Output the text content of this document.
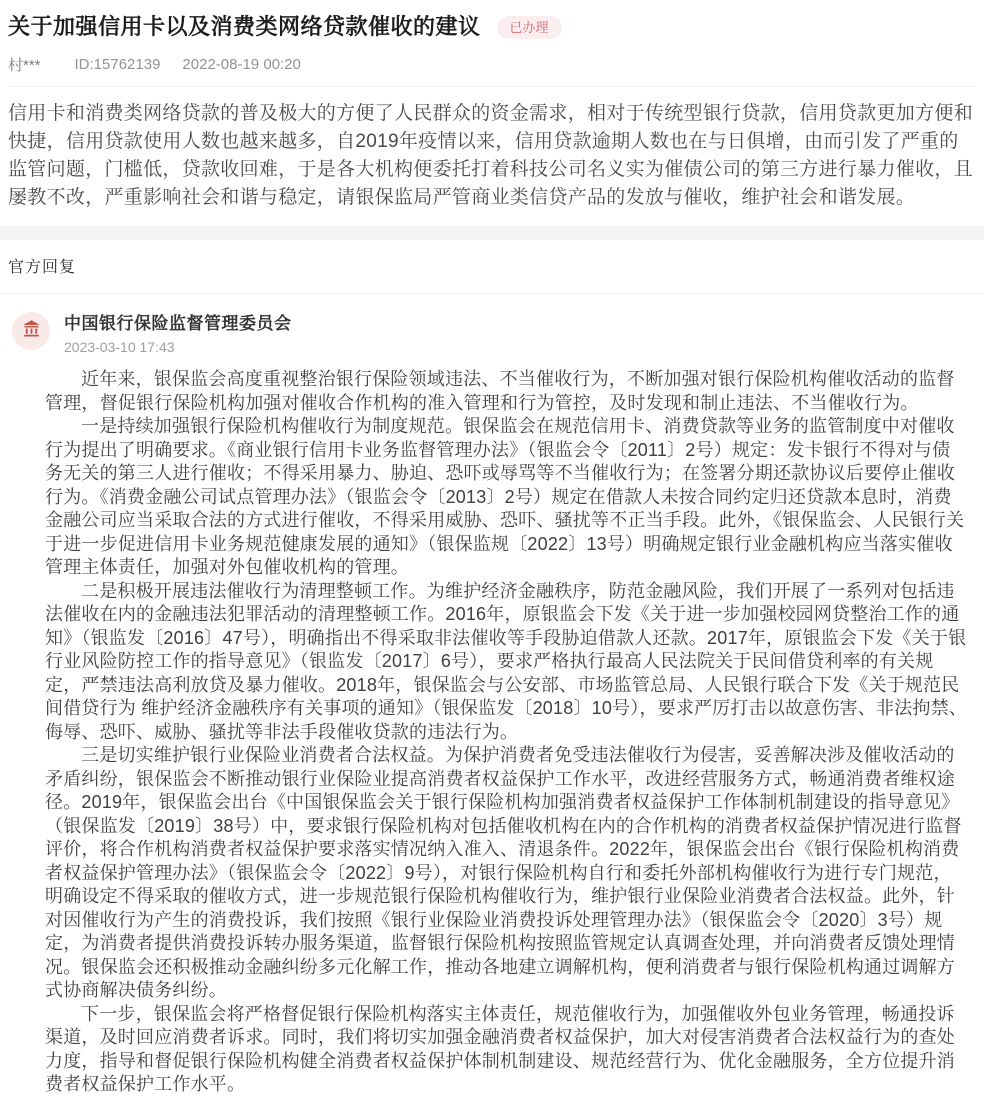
关于加强信用卡以及消费类网络贷款催收的建议	已办理
村*** ID:15762139 2022-08-19 00:20
信用卡和消费类网络贷款的普及极大的方便了人民群众的资金需求，相对于传统型银行贷款，信用贷款更加方便和快捷，信用贷款使用人数也越来越多，自2019年疫情以来，信用贷款逾期人数也在与日俱增，由而引发了严重的监管问题，门槛低，贷款收回难，于是各大机构便委托打着科技公司名义实为催债公司的第三方进行暴力催收，且屡教不改，严重影响社会和谐与稳定，请银保监局严管商业类信贷产品的发放与催收，维护社会和谐发展。
官方回复
中国银行保险监督管理委员会
2023-03-10 17:43

近年来，银保监会高度重视整治银行保险领域违法、不当催收行为，不断加强对银行保险机构催收活动的监督管理，督促银行保险机构加强对催收合作机构的准入管理和行为管控，及时发现和制止违法、不当催收行为。

一是持续加强银行保险机构催收行为制度规范。银保监会在规范信用卡、消费贷款等业务的监管制度中对催收行为提出了明确要求。《商业银行信用卡业务监督管理办法》（银监会令〔2011〕2号）规定：发卡银行不得对与债务无关的第三人进行催收；不得采用暴力、胁迫、恐吓或辱骂等不当催收行为；在签署分期还款协议后要停止催收行为。《消费金融公司试点管理办法》（银监会令〔2013〕2号）规定在借款人未按合同约定归还贷款本息时，消费金融公司应当采取合法的方式进行催收，不得采用威胁、恐吓、骚扰等不正当手段。此外，《银保监会、人民银行关于进一步促进信用卡业务规范健康发展的通知》（银保监规〔2022〕13号）明确规定银行业金融机构应当落实催收管理主体责任，加强对外包催收机构的管理。

二是积极开展违法催收行为清理整顿工作。为维护经济金融秩序，防范金融风险，我们开展了一系列对包括违法催收在内的金融违法犯罪活动的清理整顿工作。2016年，原银监会下发《关于进一步加强校园网贷整治工作的通知》（银监发〔2016〕47号），明确指出不得采取非法催收等手段胁迫借款人还款。2017年，原银监会下发《关于银行业风险防控工作的指导意见》（银监发〔2017〕6号），要求严格执行最高人民法院关于民间借贷利率的有关规定，严禁违法高利放贷及暴力催收。2018年，银保监会与公安部、市场监管总局、人民银行联合下发《关于规范民间借贷行为 维护经济金融秩序有关事项的通知》（银保监发〔2018〕10号），要求严厉打击以故意伤害、非法拘禁、侮辱、恐吓、威胁、骚扰等非法手段催收贷款的违法行为。

三是切实维护银行业保险业消费者合法权益。为保护消费者免受违法催收行为侵害，妥善解决涉及催收活动的矛盾纠纷，银保监会不断推动银行业保险业提高消费者权益保护工作水平，改进经营服务方式，畅通消费者维权途径。2019年，银保监会出台《中国银保监会关于银行保险机构加强消费者权益保护工作体制机制建设的指导意见》（银保监发〔2019〕38号）中，要求银行保险机构对包括催收机构在内的合作机构的消费者权益保护情况进行监督评价，将合作机构消费者权益保护要求落实情况纳入准入、清退条件。2022年，银保监会出台《银行保险机构消费者权益保护管理办法》（银保监会令〔2022〕9号），对银行保险机构自行和委托外部机构催收行为进行专门规范，明确设定不得采取的催收方式，进一步规范银行保险机构催收行为，维护银行业保险业消费者合法权益。此外，针对因催收行为产生的消费投诉，我们按照《银行业保险业消费投诉处理管理办法》（银保监会令〔2020〕3号）规定，为消费者提供消费投诉转办服务渠道，监督银行保险机构按照监管规定认真调查处理，并向消费者反馈处理情况。银保监会还积极推动金融纠纷多元化解工作，推动各地建立调解机构，便利消费者与银行保险机构通过调解方式协商解决债务纠纷。

下一步，银保监会将严格督促银行保险机构落实主体责任，规范催收行为，加强催收外包业务管理，畅通投诉渠道，及时回应消费者诉求。同时，我们将切实加强金融消费者权益保护，加大对侵害消费者合法权益行为的查处力度，指导和督促银行保险机构健全消费者权益保护体制机制建设、规范经营行为、优化金融服务，全方位提升消费者权益保护工作水平。
